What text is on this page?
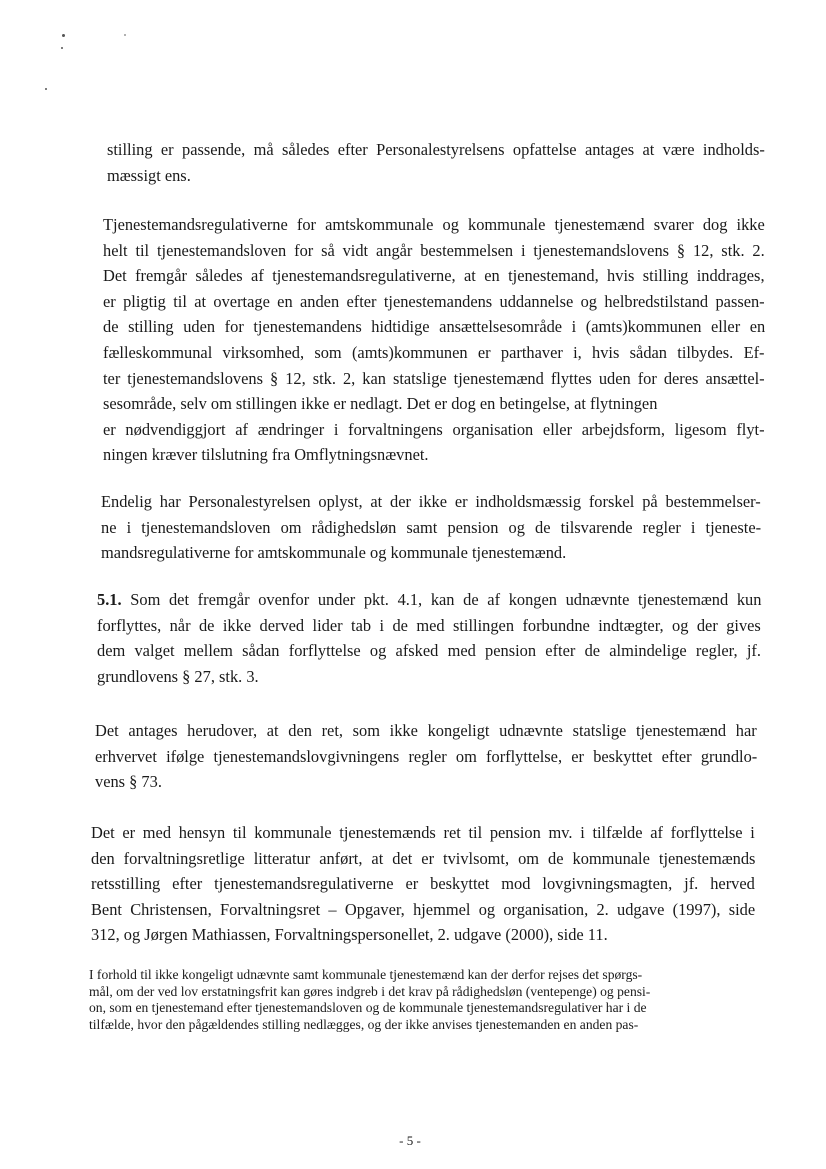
stilling er passende, må således efter Personalestyrelsens opfattelse antages at være indholds-
mæssigt ens.

Tjenestemandsregulativerne for amtskommunale og kommunale tjenestemænd svarer dog ikke
helt til tjenestemandsloven for så vidt angår bestemmelsen i tjenestemandslovens § 12, stk. 2.
Det fremgår således af tjenestemandsregulativerne, at en tjenestemand, hvis stilling inddrages,
er pligtig til at overtage en anden efter tjenestemandens uddannelse og helbredstilstand passen-
de stilling uden for tjenestemandens hidtidige ansættelsesområde i (amts)kommunen eller en
fælleskommunal virksomhed, som (amts)kommunen er parthaver i, hvis sådan tilbydes. Ef-
ter tjenestemandslovens § 12, stk. 2, kan statslige tjenestemænd flyttes uden for deres ansættel-
sesområde, selv om stillingen ikke er nedlagt. Det er dog en betingelse, at flytningen
er nødvendiggjort af ændringer i forvaltningens organisation eller arbejdsform, ligesom flyt-
ningen kræver tilslutning fra Omflytningsnævnet.

Endelig har Personalestyrelsen oplyst, at der ikke er indholdsmæssig forskel på bestemmelser-
ne i tjenestemandsloven om rådighedsløn samt pension og de tilsvarende regler i tjeneste-
mandsregulativerne for amtskommunale og kommunale tjenestemænd.

5.1. Som det fremgår ovenfor under pkt. 4.1, kan de af kongen udnævnte tjenestemænd kun
forflyttes, når de ikke derved lider tab i de med stillingen forbundne indtægter, og der gives
dem valget mellem sådan forflyttelse og afsked med pension efter de almindelige regler, jf.
grundlovens § 27, stk. 3.

Det antages herudover, at den ret, som ikke kongeligt udnævnte statslige tjenestemænd har
erhvervet ifølge tjenestemandslovgivningens regler om forflyttelse, er beskyttet efter grundlo-
vens § 73.

Det er med hensyn til kommunale tjenestemænds ret til pension mv. i tilfælde af forflyttelse i
den forvaltningsretlige litteratur anført, at det er tvivlsomt, om de kommunale tjenestemænds
retsstilling efter tjenestemandsregulativerne er beskyttet mod lovgivningsmagten, jf. herved
Bent Christensen, Forvaltningsret – Opgaver, hjemmel og organisation, 2. udgave (1997), side
312, og Jørgen Mathiassen, Forvaltningspersonellet, 2. udgave (2000), side 11.

I forhold til ikke kongeligt udnævnte samt kommunale tjenestemænd kan der derfor rejses det spørgs-
mål, om der ved lov erstatningsfrit kan gøres indgreb i det krav på rådighedsløn (ventepenge) og pensi-
on, som en tjenestemand efter tjenestemandsloven og de kommunale tjenestemandsregulativer har i de
tilfælde, hvor den pågældendes stilling nedlægges, og der ikke anvises tjenestemanden en anden pas-

- 5 -
